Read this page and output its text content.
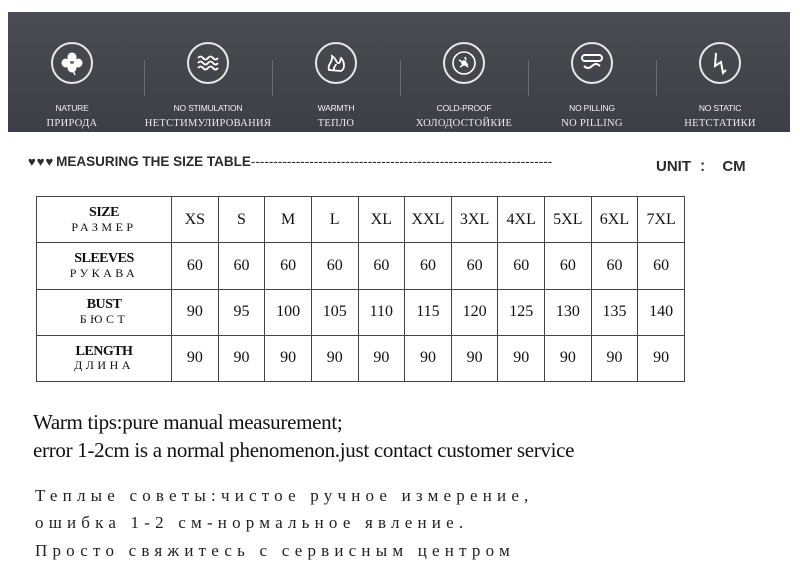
NATURE
ПРИРОДА
NO STIMULATION
НЕТСТИМУЛИРОВАНИЯ
WARMTH
ТЕПЛО
COLD-PROOF
ХОЛОДОСТОЙКИЕ
NO PILLING
NO PILLING
NO STATIC
НЕТСТАТИКИ
♥♥♥ MEASURING THE SIZE TABLE-------------------------------------------------------------------	UNIT ： CM
SIZE
РАЗМЕР	XS	S	M	L	XL	XXL	3XL	4XL	5XL	6XL	7XL

SLEEVES
РУКАВА	60	60	60	60	60	60	60	60	60	60	60

BUST
БЮСТ	90	95	100	105	110	115	120	125	130	135	140

LENGTH
ДЛИНА	90	90	90	90	90	90	90	90	90	90	90
Warm tips:pure manual measurement;
error 1-2cm is a normal phenomenon.just contact customer service
Теплые советы:чистое ручное измерение,
ошибка 1-2 см-нормальное явление.
Просто свяжитесь с сервисным центром
